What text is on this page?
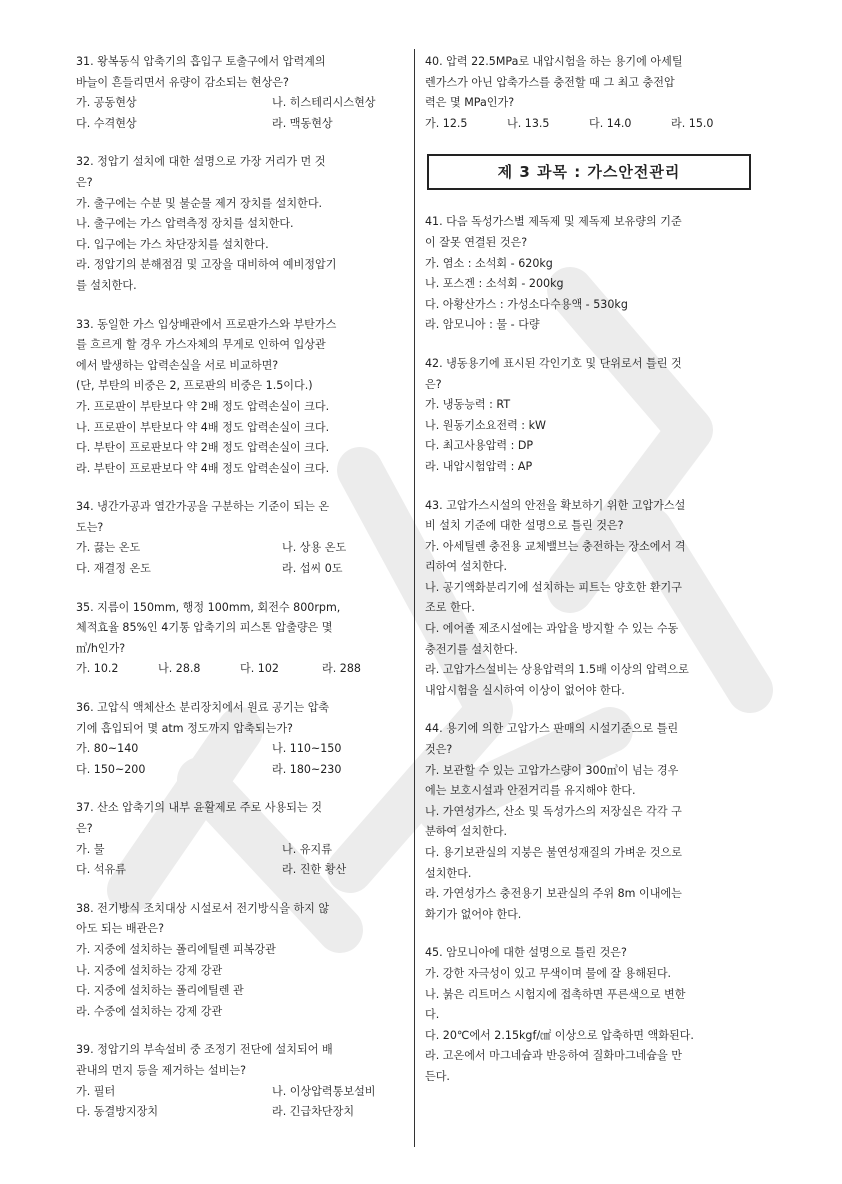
31. 왕복동식 압축기의 흡입구 토출구에서 압력계의
바늘이 흔들리면서 유량이 감소되는 현상은?
가. 공동현상	나. 히스테리시스현상
다. 수격현상	라. 맥동현상
32. 정압기 설치에 대한 설명으로 가장 거리가 먼 것
은?
가. 출구에는 수분 및 불순물 제거 장치를 설치한다.
나. 출구에는 가스 압력측정 장치를 설치한다.
다. 입구에는 가스 차단장치를 설치한다.
라. 정압기의 분해점검 및 고장을 대비하여 예비정압기
를 설치한다.
33. 동일한 가스 입상배관에서 프로판가스와 부탄가스
를 흐르게 할 경우 가스자체의 무게로 인하여 입상관
에서 발생하는 압력손실을 서로 비교하면?
(단, 부탄의 비중은 2, 프로판의 비중은 1.5이다.)
가. 프로판이 부탄보다 약 2배 정도 압력손실이 크다.
나. 프로판이 부탄보다 약 4배 정도 압력손실이 크다.
다. 부탄이 프로판보다 약 2배 정도 압력손실이 크다.
라. 부탄이 프로판보다 약 4배 정도 압력손실이 크다.
34. 냉간가공과 열간가공을 구분하는 기준이 되는 온
도는?
가. 끓는 온도	나. 상용 온도
다. 재결정 온도	라. 섭씨 0도
35. 지름이 150mm, 행정 100mm, 회전수 800rpm,
체적효율 85%인 4기통 압축기의 피스톤 압출량은 몇
㎥/h인가?
가. 10.2	나. 28.8	다. 102	라. 288
36. 고압식 액체산소 분리장치에서 원료 공기는 압축
기에 흡입되어 몇 atm 정도까지 압축되는가?
가. 80~140	나. 110~150
다. 150~200	라. 180~230
37. 산소 압축기의 내부 윤활제로 주로 사용되는 것
은?
가. 물	나. 유지류
다. 석유류	라. 진한 황산
38. 전기방식 조치대상 시설로서 전기방식을 하지 않
아도 되는 배관은?
가. 지중에 설치하는 폴리에틸렌 피복강관
나. 지중에 설치하는 강제 강관
다. 지중에 설치하는 폴리에틸렌 관
라. 수중에 설치하는 강제 강관
39. 정압기의 부속설비 중 조정기 전단에 설치되어 배
관내의 먼지 등을 제거하는 설비는?
가. 필터	나. 이상압력통보설비
다. 동결방지장치	라. 긴급차단장치
40. 압력 22.5MPa로 내압시험을 하는 용기에 아세틸
렌가스가 아닌 압축가스를 충전할 때 그 최고 충전압
력은 몇 MPa인가?
가. 12.5	나. 13.5	다. 14.0	라. 15.0
제 3 과목 : 가스안전관리
41. 다음 독성가스별 제독제 및 제독제 보유량의 기준
이 잘못 연결된 것은?
가. 염소 : 소석회 - 620kg
나. 포스겐 : 소석회 - 200kg
다. 아황산가스 : 가성소다수용액 - 530kg
라. 암모니아 : 물 - 다량
42. 냉동용기에 표시된 각인기호 및 단위로서 틀린 것
은?
가. 냉동능력 : RT
나. 원동기소요전력 : kW
다. 최고사용압력 : DP
라. 내압시험압력 : AP
43. 고압가스시설의 안전을 확보하기 위한 고압가스설
비 설치 기준에 대한 설명으로 틀린 것은?
가. 아세틸렌 충전용 교체밸브는 충전하는 장소에서 격
리하여 설치한다.
나. 공기액화분리기에 설치하는 피트는 양호한 환기구
조로 한다.
다. 에어졸 제조시설에는 과압을 방지할 수 있는 수동
충전기를 설치한다.
라. 고압가스설비는 상용압력의 1.5배 이상의 압력으로
내압시험을 실시하여 이상이 없어야 한다.
44. 용기에 의한 고압가스 판매의 시설기준으로 틀린
것은?
가. 보관할 수 있는 고압가스량이 300㎥이 넘는 경우
에는 보호시설과 안전거리를 유지해야 한다.
나. 가연성가스, 산소 및 독성가스의 저장실은 각각 구
분하여 설치한다.
다. 용기보관실의 지붕은 불연성재질의 가벼운 것으로
설치한다.
라. 가연성가스 충전용기 보관실의 주위 8m 이내에는
화기가 없어야 한다.
45. 암모니아에 대한 설명으로 틀린 것은?
가. 강한 자극성이 있고 무색이며 물에 잘 용해된다.
나. 붉은 리트머스 시험지에 접촉하면 푸른색으로 변한
다.
다. 20℃에서 2.15kgf/㎠ 이상으로 압축하면 액화된다.
라. 고온에서 마그네슘과 반응하여 질화마그네슘을 만
든다.
